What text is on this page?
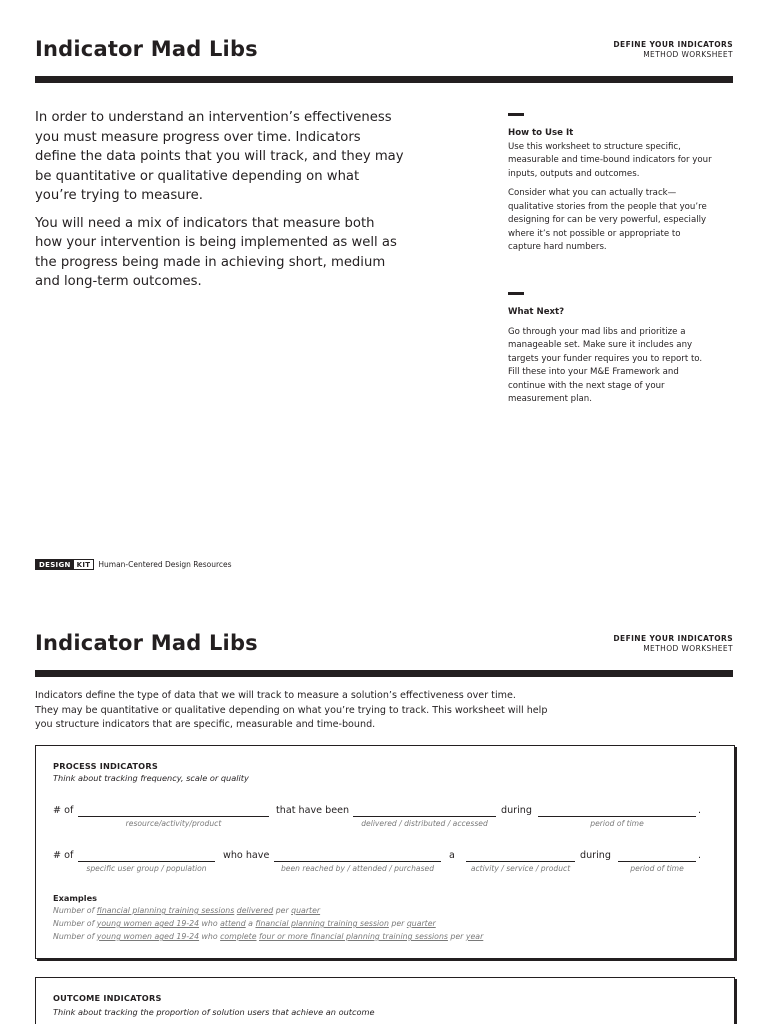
Indicator Mad Libs	DEFINE YOUR INDICATORS
METHOD WORKSHEET

In order to understand an intervention’s effectiveness you must measure progress over time. Indicators define the data points that you will track, and they may be quantitative or qualitative depending on what you’re trying to measure.

You will need a mix of indicators that measure both how your intervention is being implemented as well as the progress being made in achieving short, medium and long-term outcomes.

How to Use It

Use this worksheet to structure specific, measurable and time-bound indicators for your inputs, outputs and outcomes.

Consider what you can actually track—qualitative stories from the people that you’re designing for can be very powerful, especially where it’s not possible or appropriate to capture hard numbers.

What Next?

Go through your mad libs and prioritize a manageable set. Make sure it includes any targets your funder requires you to report to. Fill these into your M&E Framework and continue with the next stage of your measurement plan.

DESIGN KIT	Human-Centered Design Resources
Indicator Mad Libs	DEFINE YOUR INDICATORS
METHOD WORKSHEET
Indicators define the type of data that we will track to measure a solution’s effectiveness over time.
They may be quantitative or qualitative depending on what you’re trying to track. This worksheet will help
you structure indicators that are specific, measurable and time-bound.
PROCESS INDICATORS
Think about tracking frequency, scale or quality
# of	that have been	during	.
resource/activity/product	delivered / distributed / accessed	period of time
# of	who have	a	during	.
specific user group / population	been reached by / attended / purchased	activity / service / product	period of time
Examples
Number of financial planning training sessions delivered per quarter
Number of young women aged 19-24 who attend a financial planning training session per quarter
Number of young women aged 19-24 who complete four or more financial planning training sessions per year
OUTCOME INDICATORS
Think about tracking the proportion of solution users that achieve an outcome
